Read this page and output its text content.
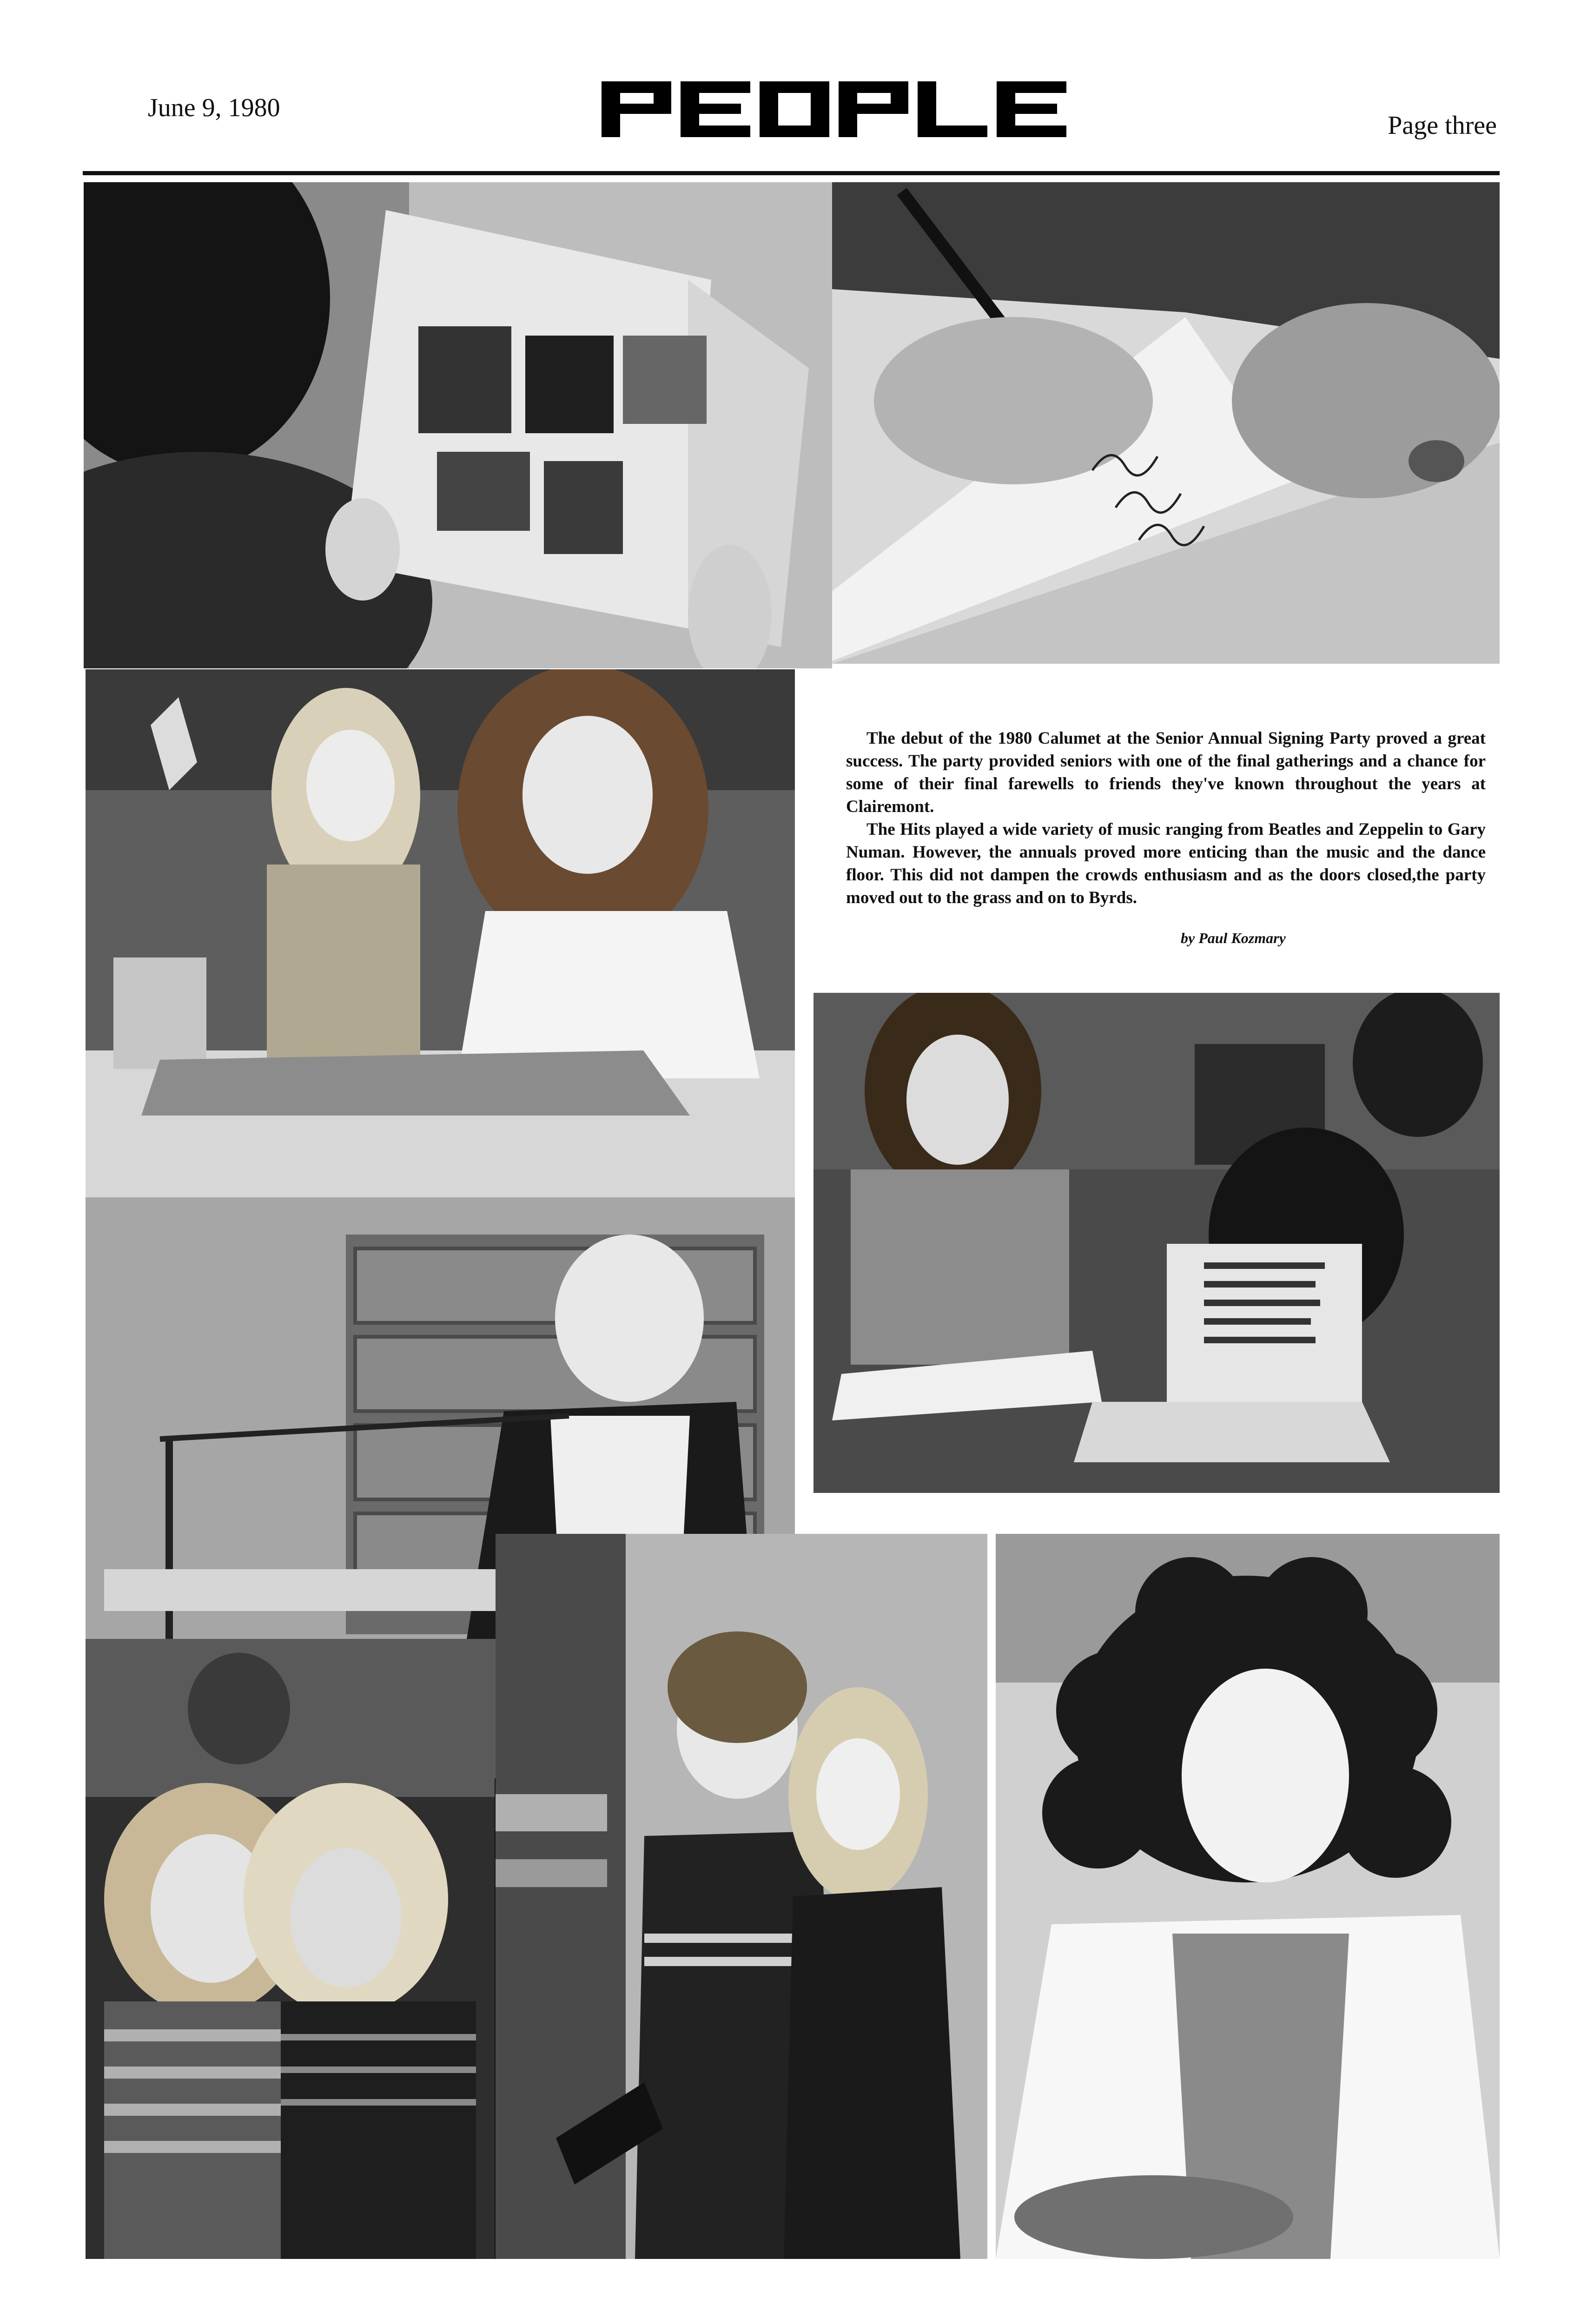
June 9, 1980
Page three

The debut of the 1980 Calumet at the Senior Annual Signing Party proved a great success. The party provided seniors with one of the final gatherings and a chance for some of their final farewells to friends they've known throughout the years at Clairemont.

The Hits played a wide variety of music ranging from Beatles and Zeppelin to Gary Numan. However, the annuals proved more enticing than the music and the dance floor. This did not dampen the crowds enthusiasm and as the doors closed,the party moved out to the grass and on to Byrds.

by Paul Kozmary
